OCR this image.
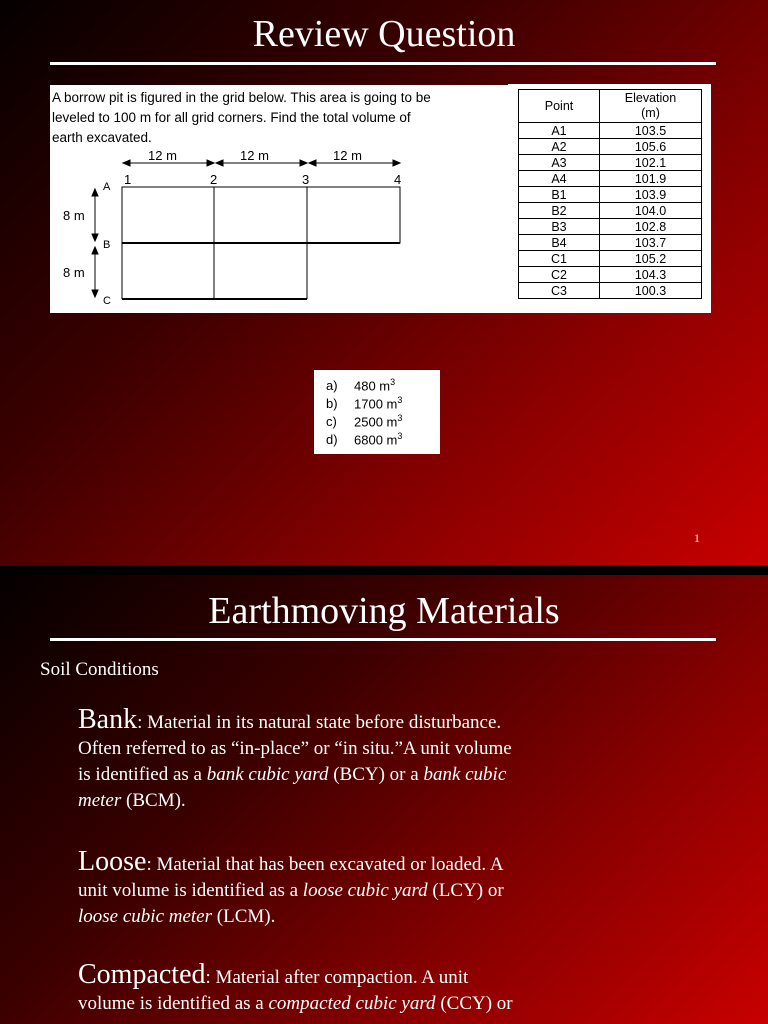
Review Question
A borrow pit is figured in the grid below. This area is going to be
leveled to 100 m for all grid corners. Find the total volume of
earth excavated.
12 m	12 m	12 m
1	2	3	4
A
B
C
8 m
8 m
Point	Elevation
(m)
A1	103.5
A2	105.6
A3	102.1
A4	101.9
B1	103.9
B2	104.0
B3	102.8
B4	103.7
C1	105.2
C2	104.3
C3	100.3
a) 480 $m^3$
b) 1700 $m^3$
c) 2500 $m^3$
d) 6800 $m^3$
1
Earthmoving Materials
Soil Conditions
Bank: Material in its natural state before disturbance.
Often referred to as “in-place” or “in situ.”A unit volume
is identified as a bank cubic yard (BCY) or a bank cubic
meter (BCM).
Loose: Material that has been excavated or loaded. A
unit volume is identified as a loose cubic yard (LCY) or
loose cubic meter (LCM).
Compacted: Material after compaction. A unit
volume is identified as a compacted cubic yard (CCY) or
